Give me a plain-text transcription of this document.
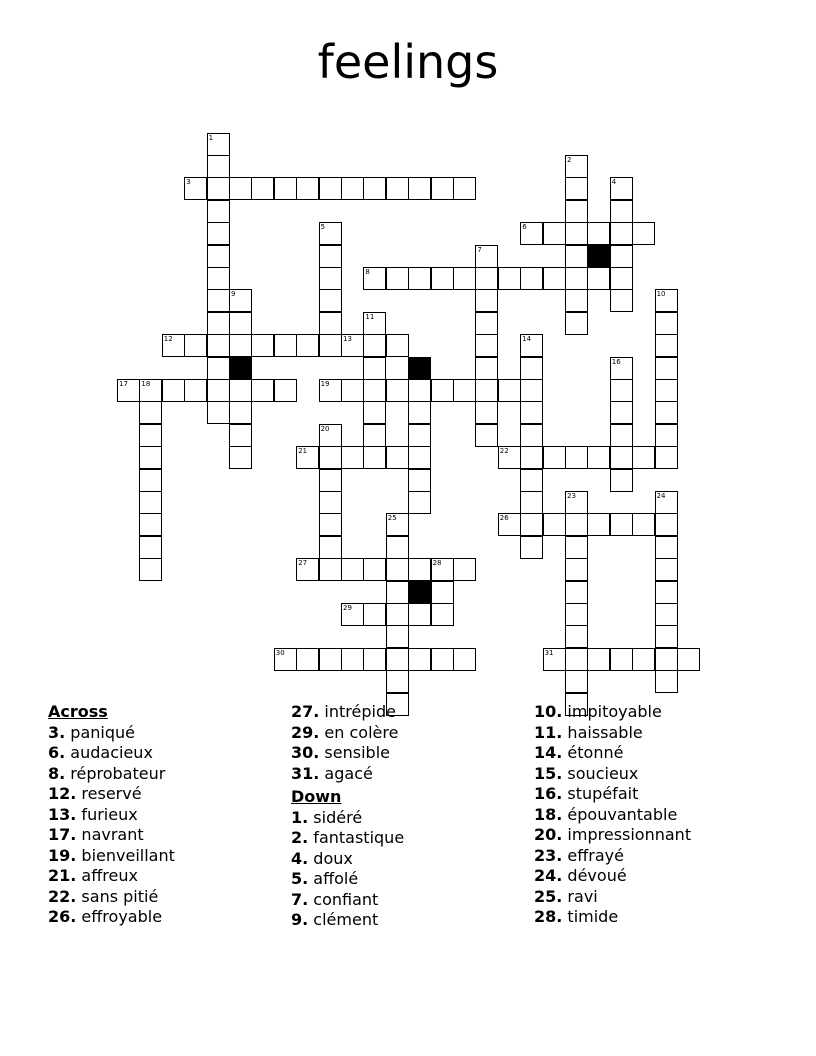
feelings
3
6
8
12	13
17	19
21	22
26
27
29
30	31
1
2
4
5
7
9	10
11
14
15	16
18
20
23	24
25
28
Across
3. paniqué
6. audacieux
8. réprobateur
12. reservé
13. furieux
17. navrant
19. bienveillant
21. affreux
22. sans pitié
26. effroyable
27. intrépide
29. en colère
30. sensible
31. agacé
Down
1. sidéré
2. fantastique
4. doux
5. affolé
7. confiant
9. clément
10. impitoyable
11. haissable
14. étonné
15. soucieux
16. stupéfait
18. épouvantable
20. impressionnant
23. effrayé
24. dévoué
25. ravi
28. timide
